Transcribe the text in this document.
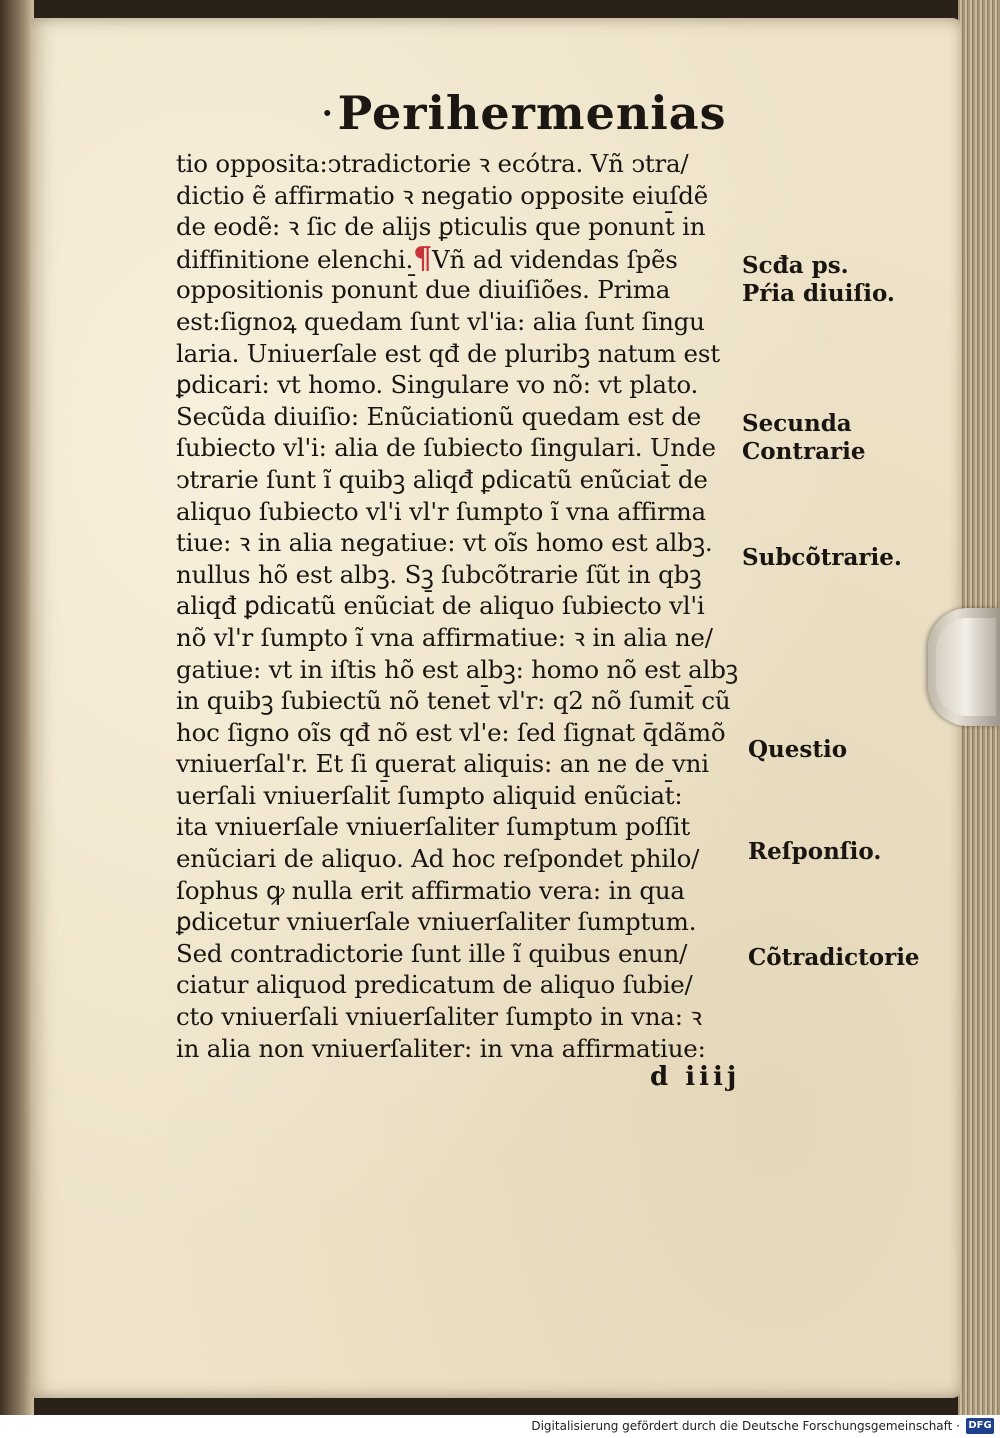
·Perihermenias
tio opposita:ↄtradictorie ꝛ ecótra. Vñ ↄtra/
dictio ẽ affirmatio ꝛ negatio opposite eiuſdẽ
de eodẽ: ꝛ ſic de alijs ꝑticulis que ponunt̄ in
diffinitione elenchi.¶Vñ ad videndas ſpẽs
oppositionis ponunt̄ due diuiſiões. Prima
est:ſignoꝝ quedam ſunt vl'ia: alia ſunt ſingu
laria. Uniuerſale est qđ de pluribꝫ natum est
ꝑdicari: vt homo. Singulare vo nõ: vt plato.
Secũda diuiſio: Enũciationũ quedam est de
ſubiecto vl'i: alia de ſubiecto ſingulari. Unde
ↄtrarie ſunt ĩ quibꝫ aliqđ ꝑdicatũ enũciat̄ de
aliquo ſubiecto vl'i vl'r ſumpto ĩ vna affirma
tiue: ꝛ in alia negatiue: vt oĩs homo est albꝫ.
nullus hõ est albꝫ. Sꝫ ſubcõtrarie ſũt in qbꝫ
aliqđ ꝑdicatũ enũciat̄ de aliquo ſubiecto vl'i
nõ vl'r ſumpto ĩ vna affirmatiue: ꝛ in alia ne/
gatiue: vt in iſtis hõ est albꝫ: homo nõ est albꝫ
in quibꝫ ſubiectũ nõ tenet̄ vl'r: q2 nõ ſumit̄ cũ
hoc ſigno oĩs qđ nõ est vl'e: ſed ſignat q̄dãmõ
vniuerſal'r. Et ſi querat aliquis: an ne de vni
uerſali vniuerſalit̄ ſumpto aliquid enũciat̄:
ita vniuerſale vniuerſaliter ſumptum poſſit
enũciari de aliquo. Ad hoc reſpondet philo/
ſophus ꝙ nulla erit affirmatio vera: in qua
ꝑdicetur vniuerſale vniuerſaliter ſumptum.
Sed contradictorie ſunt ille ĩ quibus enun/
ciatur aliquod predicatum de aliquo ſubie/
cto vniuerſali vniuerſaliter ſumpto in vna: ꝛ
in alia non vniuerſaliter: in vna affirmatiue:
Scđa ps.
Pŕia diuiſio.
Secunda
Contrarie
Subcõtrarie.
Questio
Reſponſio.
Cõtradictorie
d iiij
Digitalisierung gefördert durch die Deutsche Forschungsgemeinschaft · DFG
